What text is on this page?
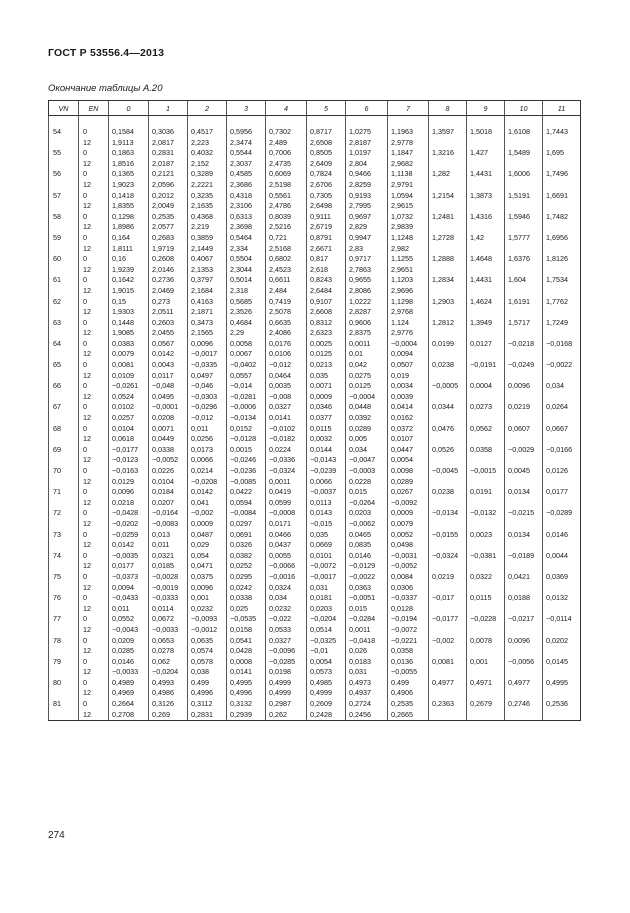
ГОСТ Р 53556.4—2013
Окончание таблицы А.20
VN	EN	0	1	2	3	4	5	6	7	8	9	10	11

54	0	0,1584	0,3036	0,4517	0,5956	0,7302	0,8717	1,0275	1,1963	1,3597	1,5018	1,6108	1,7443
	12	1,9113	2,0817	2,223	2,3474	2,489	2,6508	2,8187	2,9778				
55	0	0,1863	0,2831	0,4032	0,5544	0,7006	0,8505	1,0197	1,1847	1,3216	1,427	1,5489	1,695
	12	1,8516	2,0187	2,152	2,3037	2,4735	2,6409	2,804	2,9682				
56	0	0,1365	0,2121	0,3289	0,4585	0,6069	0,7824	0,9466	1,1138	1,282	1,4431	1,6006	1,7496
	12	1,9023	2,0596	2,2221	2,3686	2,5198	2,6706	2,8259	2,9791				
57	0	0,1418	0,2012	0,3235	0,4318	0,5561	0,7305	0,9193	1,0594	1,2154	1,3873	1,5191	1,6691
	12	1,8355	2,0049	2,1635	2,3106	2,4786	2,6498	2,7995	2,9615				
58	0	0,1298	0,2535	0,4368	0,6313	0,8039	0,9111	0,9697	1,0732	1,2481	1,4316	1,5946	1,7482
	12	1,8986	2,0577	2,219	2,3698	2,5216	2,6719	2,829	2,9839				
59	0	0,164	0,2683	0,3859	0,5464	0,721	0,8791	0,9947	1,1248	1,2728	1,42	1,5777	1,6956
	12	1,8111	1,9719	2,1449	2,334	2,5168	2,6671	2,83	2,982				
60	0	0,16	0,2608	0,4067	0,5504	0,6802	0,817	0,9717	1,1255	1,2888	1,4648	1,6376	1,8126
	12	1,9239	2,0146	2,1353	2,3044	2,4523	2,618	2,7863	2,9651				
61	0	0,1642	0,2736	0,3797	0,5014	0,6611	0,8243	0,9655	1,1203	1,2834	1,4431	1,604	1,7534
	12	1,9015	2,0469	2,1684	2,318	2,484	2,6484	2,8086	2,9696				
62	0	0,15	0,273	0,4163	0,5685	0,7419	0,9107	1,0222	1,1298	1,2903	1,4624	1,6191	1,7762
	12	1,9303	2,0511	2,1871	2,3526	2,5078	2,6608	2,8287	2,9768				
63	0	0,1448	0,2603	0,3473	0,4684	0,6635	0,8312	0,9606	1,124	1,2812	1,3949	1,5717	1,7249
	12	1,9085	2,0455	2,1565	2,29	2,4086	2,6323	2,8375	2,9776				
64	0	0,0383	0,0567	0,0096	0,0058	0,0176	0,0025	0,0011	−0,0004	0,0199	0,0127	−0,0218	−0,0168
	12	0,0079	0,0142	−0,0017	0,0067	0,0106	0,0125	0,01	0,0094				
65	0	0,0081	0,0043	−0,0335	−0,0402	−0,012	0,0213	0,042	0,0507	0,0238	−0,0191	−0,0249	−0,0022
	12	0,0109	0,0117	0,0497	0,0557	0,0464	0,035	0,0275	0,019				
66	0	−0,0261	−0,048	−0,046	−0,014	0,0035	0,0071	0,0125	0,0034	−0,0005	0,0004	0,0096	0,034
	12	0,0524	0,0495	−0,0303	−0,0281	−0,008	0,0009	−0,0004	0,0039				
67	0	0,0102	−0,0001	−0,0296	−0,0006	0,0327	0,0346	0,0448	0,0414	0,0344	0,0273	0,0219	0,0264
	12	0,0257	0,0208	−0,012	−0,0134	0,0141	0,0377	0,0392	0,0162				
68	0	0,0104	0,0071	0,011	0,0152	−0,0102	0,0115	0,0289	0,0372	0,0476	0,0562	0,0607	0,0667
	12	0,0618	0,0449	0,0256	−0,0128	−0,0182	0,0032	0,005	0,0107				
69	0	−0,0177	0,0338	0,0173	0,0015	0,0224	0,0144	0,034	0,0447	0,0526	0,0358	−0,0029	−0,0166
	12	−0,0123	−0,0052	0,0066	−0,0246	−0,0336	−0,0143	−0,0047	0,0054				
70	0	−0,0163	0,0226	0,0214	−0,0236	−0,0324	−0,0239	−0,0003	0,0098	−0,0045	−0,0015	0,0045	0,0126
	12	0,0129	0,0104	−0,0208	−0,0085	0,0011	0,0066	0,0228	0,0289				
71	0	0,0096	0,0184	0,0142	0,0422	0,0419	−0,0037	0,015	0,0267	0,0238	0,0191	0,0134	0,0177
	12	0,0218	0,0207	0,041	0,0594	0,0599	0,0113	−0,0264	−0,0092				
72	0	−0,0428	−0,0164	−0,002	−0,0084	−0,0008	0,0143	0,0203	0,0009	−0,0134	−0,0132	−0,0215	−0,0289
	12	−0,0202	−0,0083	0,0009	0,0297	0,0171	−0,015	−0,0062	0,0079				
73	0	−0,0259	0,013	0,0487	0,0691	0,0466	0,035	0,0465	0,0052	−0,0155	0,0023	0,0134	0,0146
	12	0,0142	0,011	0,029	0,0326	0,0437	0,0669	0,0835	0,0498				
74	0	−0,0035	0,0321	0,054	0,0382	0,0055	0,0101	0,0146	−0,0031	−0,0324	−0,0381	−0,0189	0,0044
	12	0,0177	0,0185	0,0471	0,0252	−0,0066	−0,0072	−0,0129	−0,0052				
75	0	−0,0373	−0,0028	0,0375	0,0295	−0,0016	−0,0017	−0,0022	0,0084	0,0219	0,0322	0,0421	0,0369
	12	0,0094	−0,0019	0,0096	0,0242	0,0324	0,031	0,0363	0,0306				
76	0	−0,0433	−0,0333	0,001	0,0338	0,034	0,0181	−0,0051	−0,0337	−0,017	0,0115	0,0188	0,0132
	12	0,011	0,0114	0,0232	0,025	0,0232	0,0203	0,015	0,0128				
77	0	0,0552	0,0672	−0,0093	−0,0535	−0,022	−0,0204	−0,0284	−0,0194	−0,0177	−0,0228	−0,0217	−0,0114
	12	−0,0043	−0,0033	−0,0012	0,0158	0,0533	0,0514	0,0011	−0,0072				
78	0	0,0209	0,0653	0,0635	0,0541	0,0327	−0,0325	−0,0418	−0,0221	−0,002	0,0078	0,0096	0,0202
	12	0,0285	0,0278	0,0574	0,0428	−0,0096	−0,01	0,026	0,0358				
79	0	0,0146	0,062	0,0578	0,0008	−0,0285	0,0054	0,0183	0,0136	0,0081	0,001	−0,0056	0,0145
	12	−0,0033	−0,0204	0,038	0,0141	0,0198	0,0573	0,031	−0,0055				
80	0	0,4989	0,4993	0,499	0,4995	0,4999	0,4985	0,4973	0,499	0,4977	0,4971	0,4977	0,4995
	12	0,4969	0,4986	0,4996	0,4996	0,4999	0,4999	0,4937	0,4906				
81	0	0,2664	0,3126	0,3112	0,3132	0,2987	0,2609	0,2724	0,2535	0,2363	0,2679	0,2746	0,2536
	12	0,2708	0,269	0,2831	0,2939	0,262	0,2428	0,2456	0,2665				
274
